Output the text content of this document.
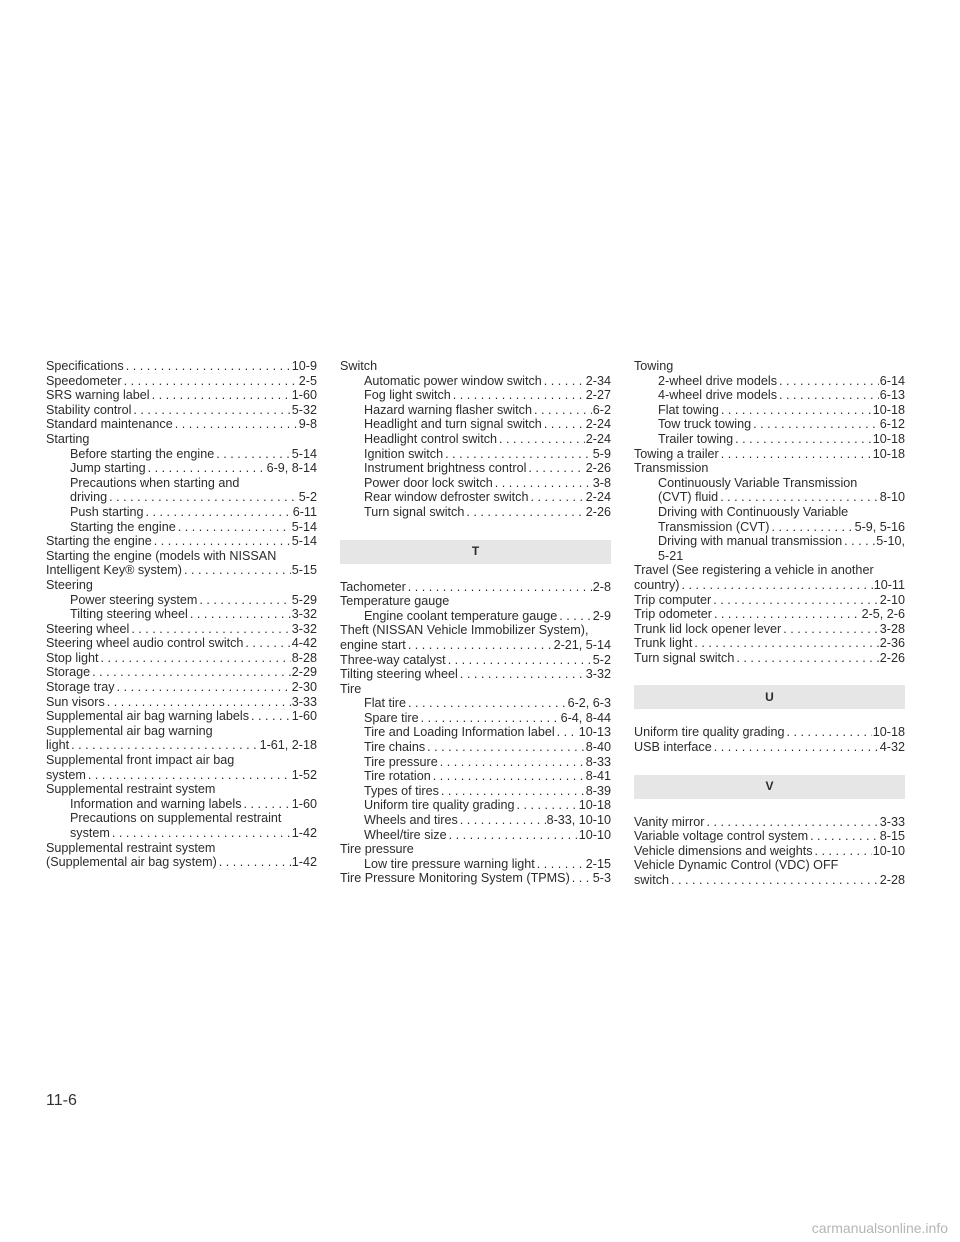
Specifications .....	10-9
Speedometer .....	2-5
SRS warning label .....	1-60
Stability control .....	5-32
Standard maintenance .....	9-8
Starting
Before starting the engine .....	5-14
Jump starting .....	6-9, 8-14
Precautions when starting and
driving .....	5-2
Push starting .....	6-11
Starting the engine .....	5-14
Starting the engine .....	5-14
Starting the engine (models with NISSAN
Intelligent Key® system) .....	5-15
Steering
Power steering system .....	5-29
Tilting steering wheel .....	3-32
Steering wheel .....	3-32
Steering wheel audio control switch .....	4-42
Stop light .....	8-28
Storage .....	2-29
Storage tray .....	2-30
Sun visors .....	3-33
Supplemental air bag warning labels .....	1-60
Supplemental air bag warning
light .....	1-61, 2-18
Supplemental front impact air bag
system .....	1-52
Supplemental restraint system
Information and warning labels .....	1-60
Precautions on supplemental restraint
system .....	1-42
Supplemental restraint system
(Supplemental air bag system) .....	1-42
Switch
Automatic power window switch .....	2-34
Fog light switch .....	2-27
Hazard warning flasher switch .....	6-2
Headlight and turn signal switch .....	2-24
Headlight control switch .....	2-24
Ignition switch .....	5-9
Instrument brightness control .....	2-26
Power door lock switch .....	3-8
Rear window defroster switch .....	2-24
Turn signal switch .....	2-26
T
Tachometer .....	2-8
Temperature gauge
Engine coolant temperature gauge .....	2-9
Theft (NISSAN Vehicle Immobilizer System),
engine start .....	2-21, 5-14
Three-way catalyst .....	5-2
Tilting steering wheel .....	3-32
Tire
Flat tire .....	6-2, 6-3
Spare tire .....	6-4, 8-44
Tire and Loading Information label ..... 10-13
Tire chains .....	8-40
Tire pressure .....	8-33
Tire rotation .....	8-41
Types of tires .....	8-39
Uniform tire quality grading .....	10-18
Wheels and tires .....	8-33, 10-10
Wheel/tire size .....	10-10
Tire pressure
Low tire pressure warning light .....	2-15
Tire Pressure Monitoring System (TPMS) ..... 5-3
Towing
2-wheel drive models .....	6-14
4-wheel drive models .....	6-13
Flat towing .....	10-18
Tow truck towing .....	6-12
Trailer towing .....	10-18
Towing a trailer .....	10-18
Transmission
Continuously Variable Transmission
(CVT) fluid .....	8-10
Driving with Continuously Variable
Transmission (CVT) .....	5-9, 5-16
Driving with manual transmission .....	5-10,
5-21
Travel (See registering a vehicle in another
country) .....	10-11
Trip computer .....	2-10
Trip odometer .....	2-5, 2-6
Trunk lid lock opener lever .....	3-28
Trunk light .....	2-36
Turn signal switch .....	2-26
U
Uniform tire quality grading .....	10-18
USB interface .....	4-32
V
Vanity mirror .....	3-33
Variable voltage control system .....	8-15
Vehicle dimensions and weights .....	10-10
Vehicle Dynamic Control (VDC) OFF
switch .....	2-28
11-6
carmanualsonline.info
